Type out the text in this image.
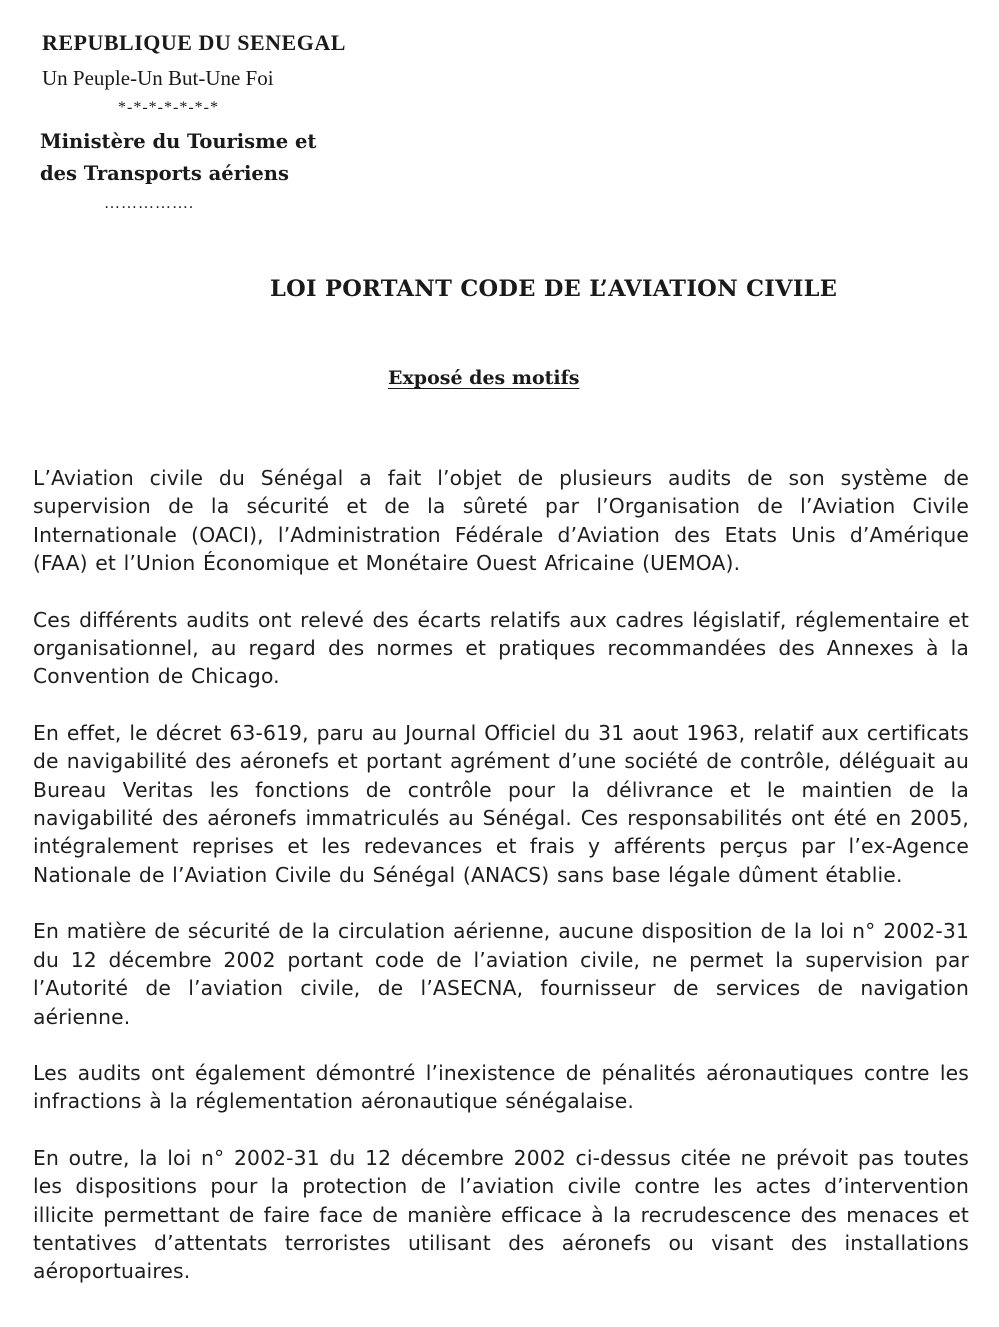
REPUBLIQUE DU SENEGAL

Un Peuple-Un But-Une Foi

*-*-*-*-*-*-*

Ministère du Tourisme et

des Transports aériens

…………….

LOI PORTANT CODE DE L’AVIATION CIVILE
Exposé des motifs

L’Aviation civile du Sénégal a fait l’objet de plusieurs audits de son système de supervision de la sécurité et de la sûreté par l’Organisation de l’Aviation Civile Internationale (OACI), l’Administration Fédérale d’Aviation des Etats Unis d’Amérique (FAA) et l’Union Économique et Monétaire Ouest Africaine (UEMOA).

Ces différents audits ont relevé des écarts relatifs aux cadres législatif, réglementaire et organisationnel, au regard des normes et pratiques recommandées des Annexes à la Convention de Chicago.

En effet, le décret 63-619, paru au Journal Officiel du 31 aout 1963, relatif aux certificats de navigabilité des aéronefs et portant agrément d’une société de contrôle, déléguait au Bureau Veritas les fonctions de contrôle pour la délivrance et le maintien de la navigabilité des aéronefs immatriculés au Sénégal. Ces responsabilités ont été en 2005, intégralement reprises et les redevances et frais y afférents perçus par l’ex-Agence Nationale de l’Aviation Civile du Sénégal (ANACS) sans base légale dûment établie.

En matière de sécurité de la circulation aérienne, aucune disposition de la loi n° 2002-31 du 12 décembre 2002 portant code de l’aviation civile, ne permet la supervision par l’Autorité de l’aviation civile, de l’ASECNA, fournisseur de services de navigation aérienne.

Les audits ont également démontré l’inexistence de pénalités aéronautiques contre les infractions à la réglementation aéronautique sénégalaise.

En outre, la loi n° 2002-31 du 12 décembre 2002 ci-dessus citée ne prévoit pas toutes les dispositions pour la protection de l’aviation civile contre les actes d’intervention illicite permettant de faire face de manière efficace à la recrudescence des menaces et tentatives d’attentats terroristes utilisant des aéronefs ou visant des installations aéroportuaires.
